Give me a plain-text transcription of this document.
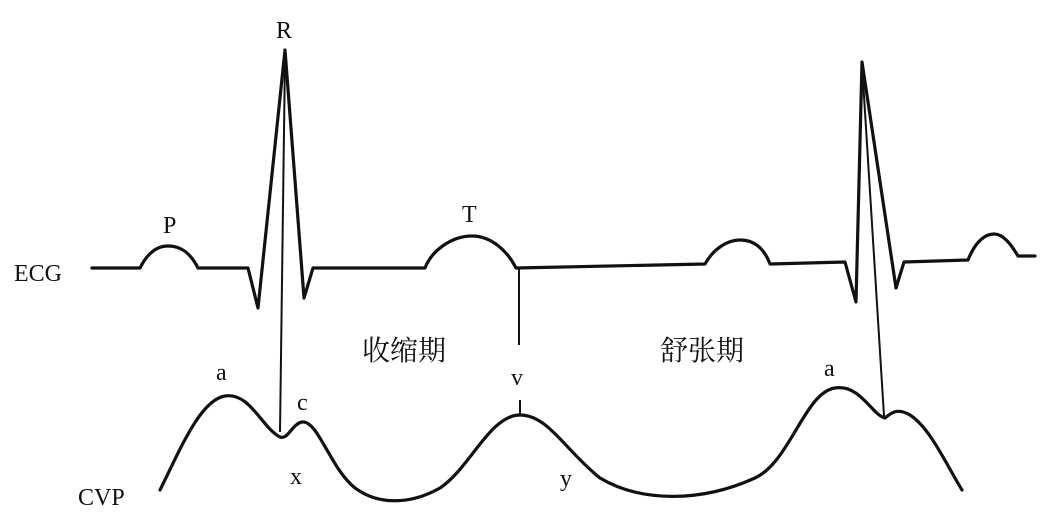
ECG
CVP
P
R
T
a
c
x
v
y
a
收缩期	舒张期
